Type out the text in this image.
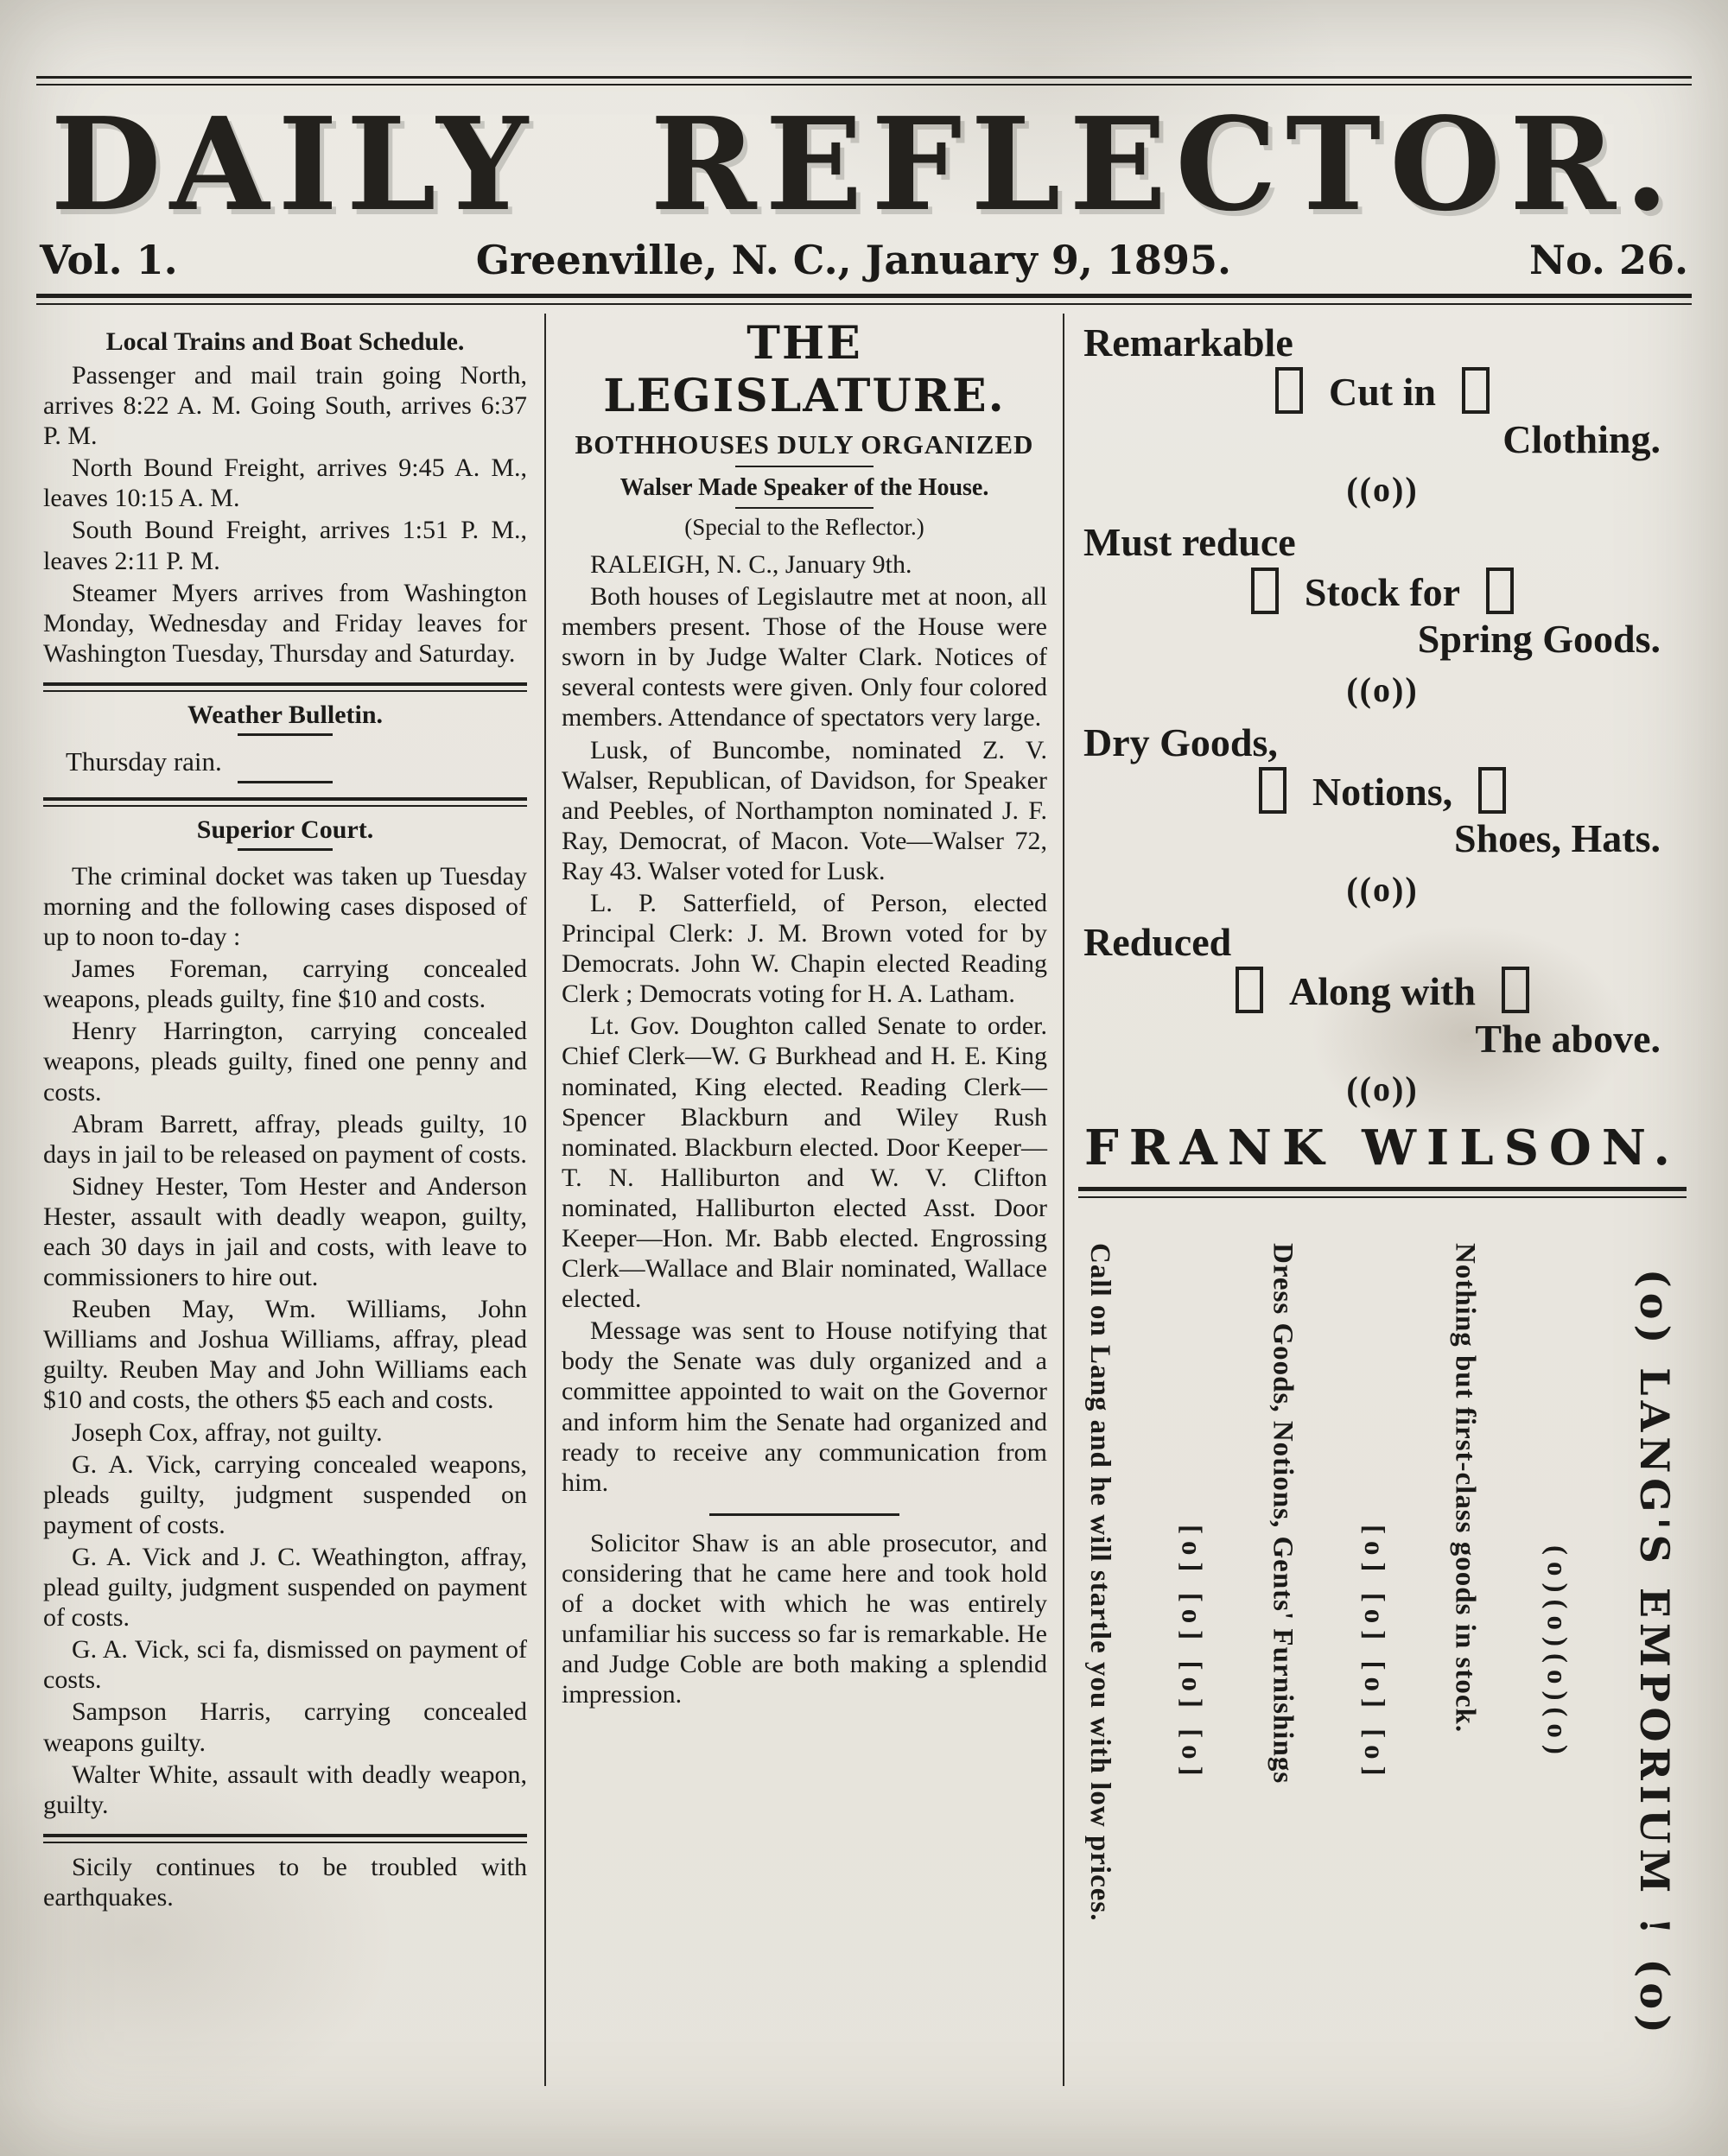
DAILY REFLECTOR.
Vol. 1.	Greenville, N. C., January 9, 1895.	No. 26.
Local Trains and Boat Schedule.

Passenger and mail train going North, arrives 8:22 A. M. Going South, arrives 6:37 P. M.

North Bound Freight, arrives 9:45 A. M., leaves 10:15 A. M.

South Bound Freight, arrives 1:51 P. M., leaves 2:11 P. M.

Steamer Myers arrives from Washington Monday, Wednesday and Friday leaves for Washington Tuesday, Thursday and Saturday.

Weather Bulletin.

Thursday rain.

Superior Court.

The criminal docket was taken up Tuesday morning and the following cases disposed of up to noon to-day :

James Foreman, carrying concealed weapons, pleads guilty, fine $10 and costs.

Henry Harrington, carrying concealed weapons, pleads guilty, fined one penny and costs.

Abram Barrett, affray, pleads guilty, 10 days in jail to be released on payment of costs.

Sidney Hester, Tom Hester and Anderson Hester, assault with deadly weapon, guilty, each 30 days in jail and costs, with leave to commissioners to hire out.

Reuben May, Wm. Williams, John Williams and Joshua Williams, affray, plead guilty. Reuben May and John Williams each $10 and costs, the others $5 each and costs.

Joseph Cox, affray, not guilty.

G. A. Vick, carrying concealed weapons, pleads guilty, judgment suspended on payment of costs.

G. A. Vick and J. C. Weathington, affray, plead guilty, judgment suspended on payment of costs.

G. A. Vick, sci fa, dismissed on payment of costs.

Sampson Harris, carrying concealed weapons guilty.

Walter White, assault with deadly weapon, guilty.

Sicily continues to be troubled with earthquakes.

THE LEGISLATURE.
BOTHHOUSES DULY ORGANIZED
Walser Made Speaker of the House.

(Special to the Reflector.)

RALEIGH, N. C., January 9th.

Both houses of Legislautre met at noon, all members present. Those of the House were sworn in by Judge Walter Clark. Notices of several contests were given. Only four colored members. Attendance of spectators very large.

Lusk, of Buncombe, nominated Z. V. Walser, Republican, of Davidson, for Speaker and Peebles, of Northampton nominated J. F. Ray, Democrat, of Macon. Vote—Walser 72, Ray 43. Walser voted for Lusk.

L. P. Satterfield, of Person, elected Principal Clerk: J. M. Brown voted for by Democrats. John W. Chapin elected Reading Clerk ; Democrats voting for H. A. Latham.

Lt. Gov. Doughton called Senate to order. Chief Clerk—W. G Burkhead and H. E. King nominated, King elected. Reading Clerk—Spencer Blackburn and Wiley Rush nominated. Blackburn elected. Door Keeper—T. N. Halliburton and W. V. Clifton nominated, Halliburton elected Asst. Door Keeper—Hon. Mr. Babb elected. Engrossing Clerk—Wallace and Blair nominated, Wallace elected.

Message was sent to House notifying that body the Senate was duly organized and a committee appointed to wait on the Governor and inform him the Senate had organized and ready to receive any communication from him.

Solicitor Shaw is an able prosecutor, and considering that he came here and took hold of a docket with which he was entirely unfamiliar his success so far is remarkable. He and Judge Coble are both making a splendid impression.

Remarkable
Cut in
Clothing.
((o))
Must reduce
Stock for
Spring Goods.
((o))
Dry Goods,
Notions,
Shoes, Hats.
((o))
Reduced
Along with
The above.
((o))
FRANK WILSON.
(o) LANG'S EMPORIUM ! (o)
(o)(o)(o)(o)
Nothing but first-class goods in stock.
[o] [o] [o] [o]
Dress Goods, Notions, Gents' Furnishings
[o] [o] [o] [o]
Call on Lang and he will startle you with low prices.
